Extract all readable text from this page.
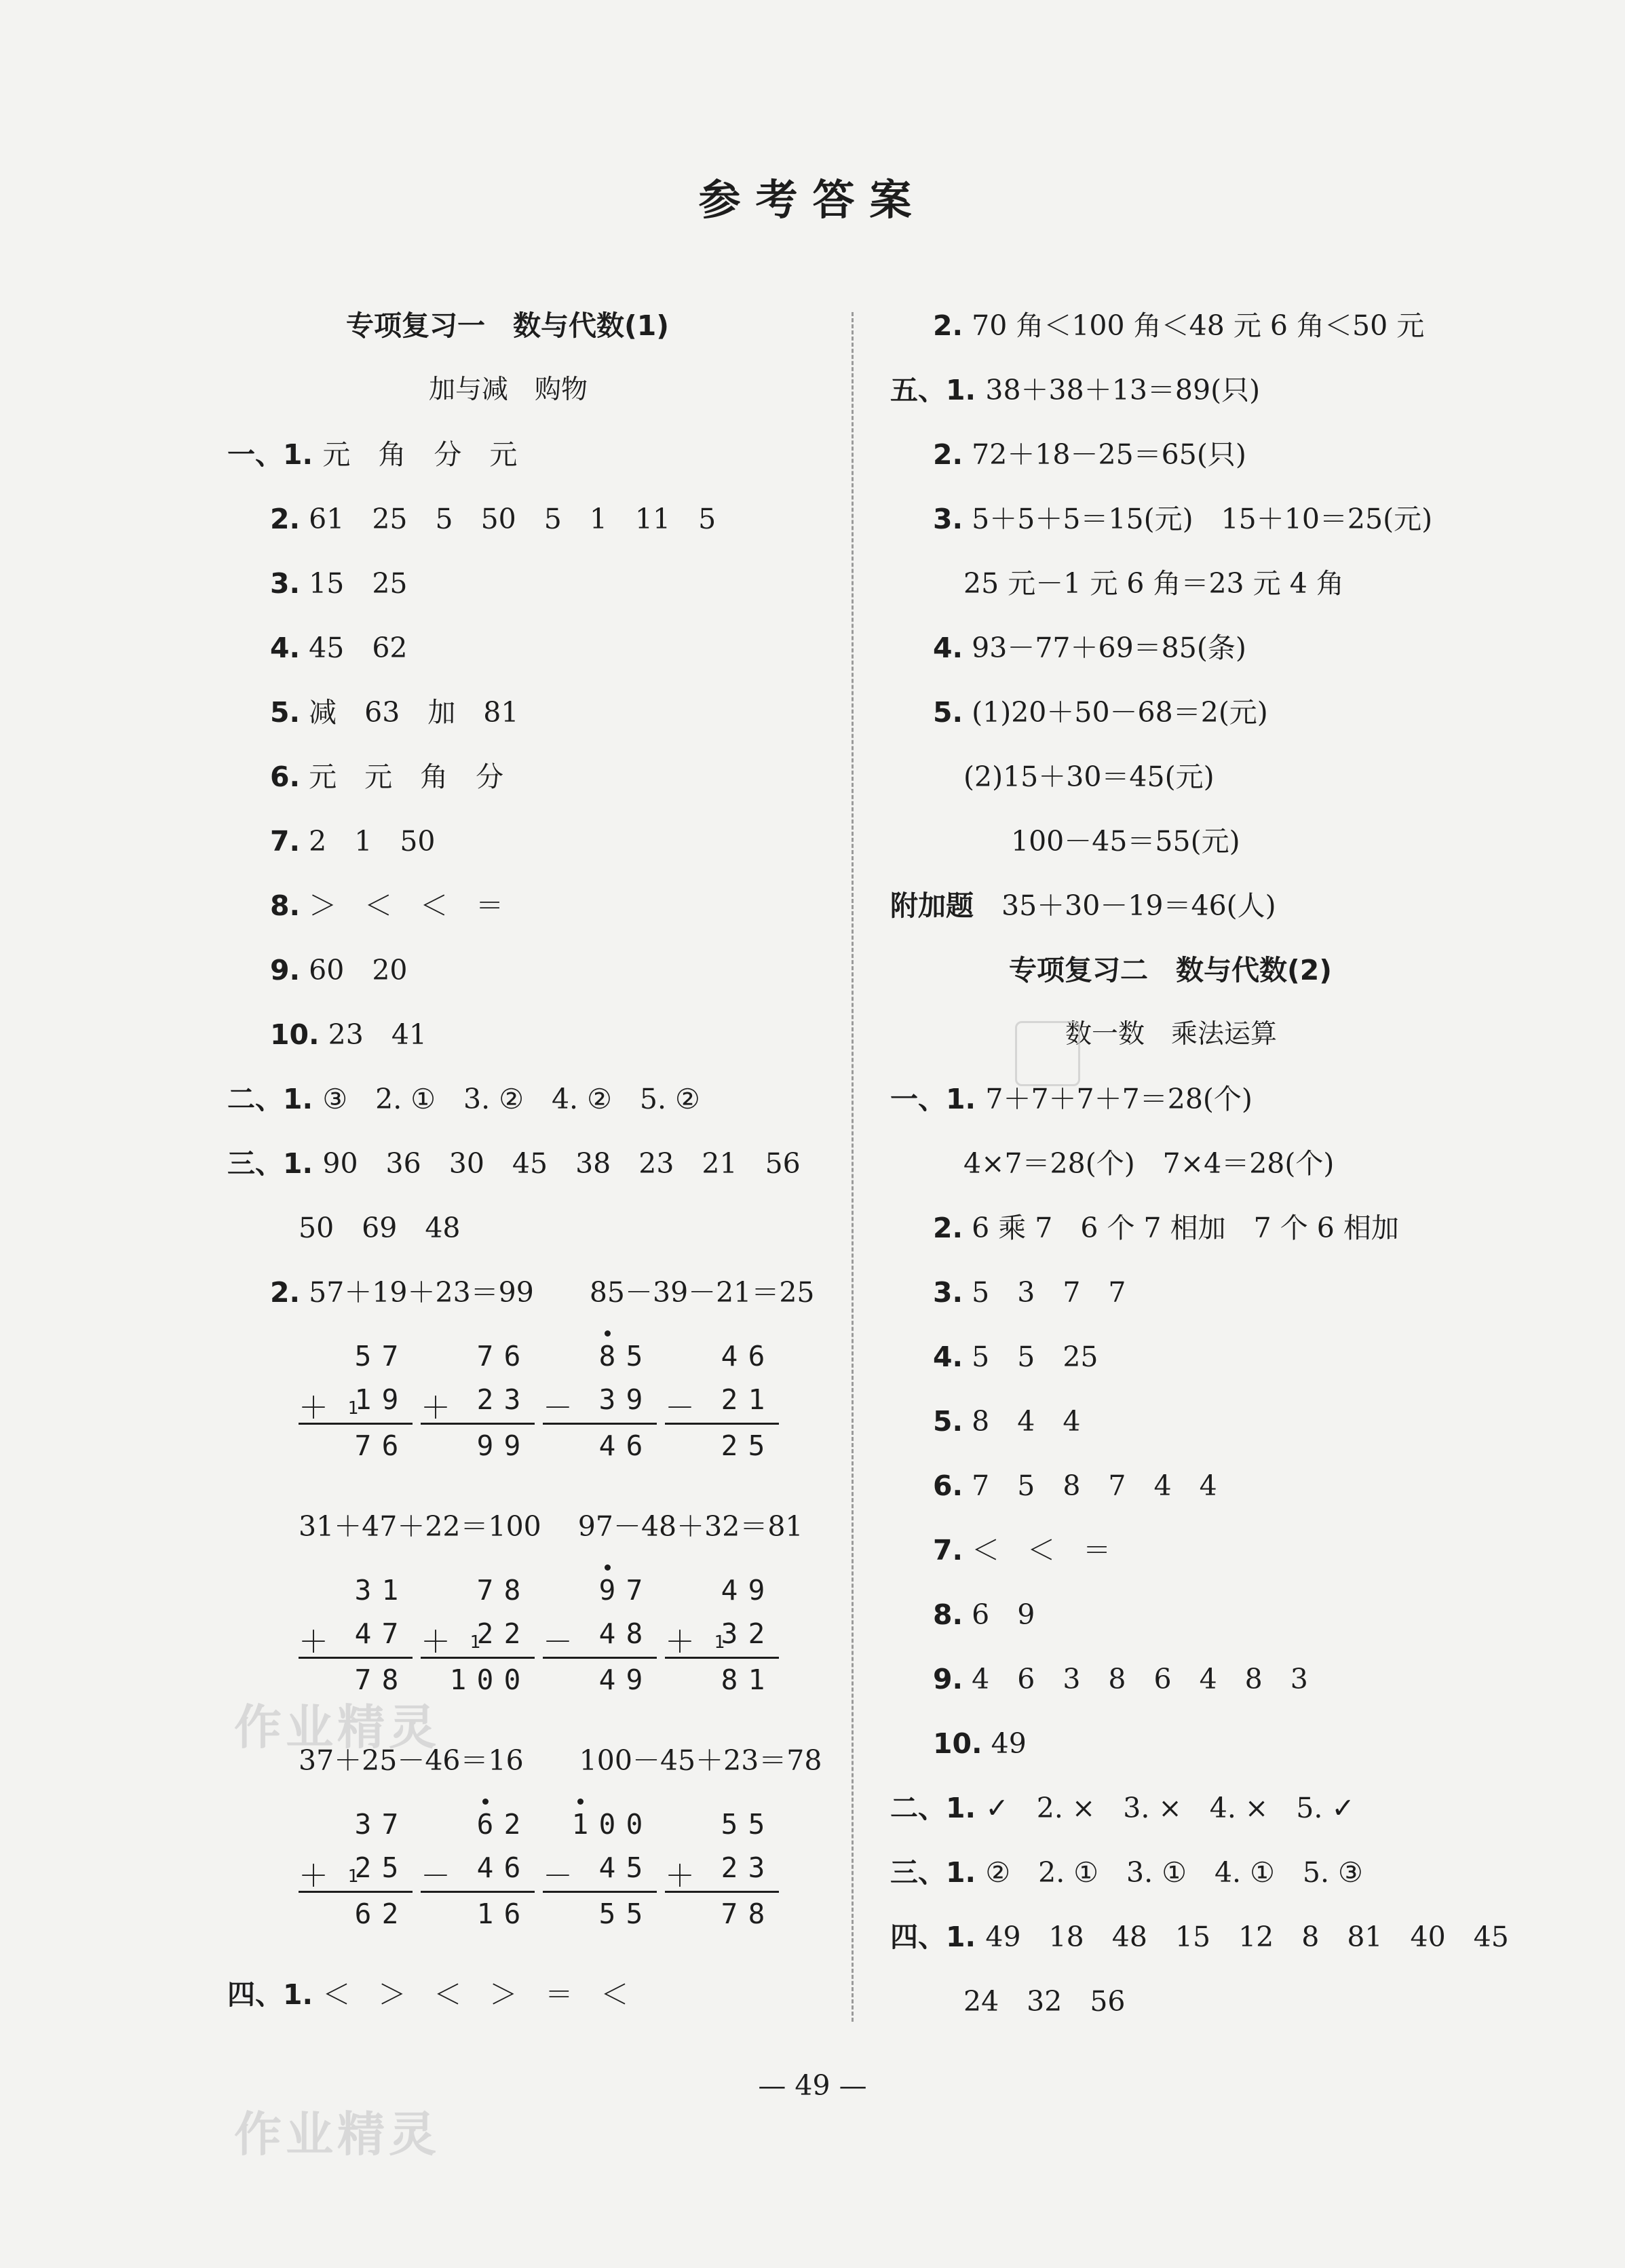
参考答案
专项复习一　数与代数(1)
加与减　购物
一、1. 元　角　分　元
2. 61　25　5　50　5　1　11　5
3. 15　25
4. 45　62
5. 减　63　加　81
6. 元　元　角　分
7. 2　1　50
8. ＞　＜　＜　＝
9. 60　20
10. 23　41
二、1. ③　2. ①　3. ②　4. ②　5. ②
三、1. 90　36　30　45　38　23　21　56
50　69　48
2. 57＋19＋23＝99　　85－39－21＝25
31＋47＋22＝100　 97－48＋32＝81
37＋25－46＝16　　100－45＋23＝78
四、1. ＜　＞　＜　＞　＝　＜
2. 70 角＜100 角＜48 元 6 角＜50 元
五、1. 38＋38＋13＝89(只)
2. 72＋18－25＝65(只)
3. 5＋5＋5＝15(元)　15＋10＝25(元)
25 元－1 元 6 角＝23 元 4 角
4. 93－77＋69＝85(条)
5. (1)20＋50－68＝2(元)
(2)15＋30＝45(元)
100－45＝55(元)
附加题　35＋30－19＝46(人)
专项复习二　数与代数(2)
数一数　乘法运算
一、1. 7＋7＋7＋7＝28(个)
4×7＝28(个)　7×4＝28(个)
2. 6 乘 7　6 个 7 相加　7 个 6 相加
3. 5　3　7　7
4. 5　5　25
5. 8　4　4
6. 7　5　8　7　4　4
7. ＜　＜　＝
8. 6　9
9. 4　6　3　8　6　4　8　3
10. 49
二、1. ✓　2. ×　3. ×　4. ×　5. ✓
三、1. ②　2. ①　3. ①　4. ①　5. ③
四、1. 49　18　48　15　12　8　81　40　45
24　32　56
5 7
＋ 1 9
1
7 6
7 6
＋ 2 3
9 9
8 5
－ 3 9
4 6
4 6
－ 2 1
2 5
3 1
＋ 4 7
7 8
7 8
＋ 2 2
1
1 0 0
9 7
－ 4 8
4 9
4 9
＋ 3 2
1
8 1
3 7
＋ 2 5
1
6 2
6 2
－ 4 6
1 6
1 0 0
－ 4 5
5 5
5 5
＋ 2 3
7 8
作业精灵
作业精灵
— 49 —
